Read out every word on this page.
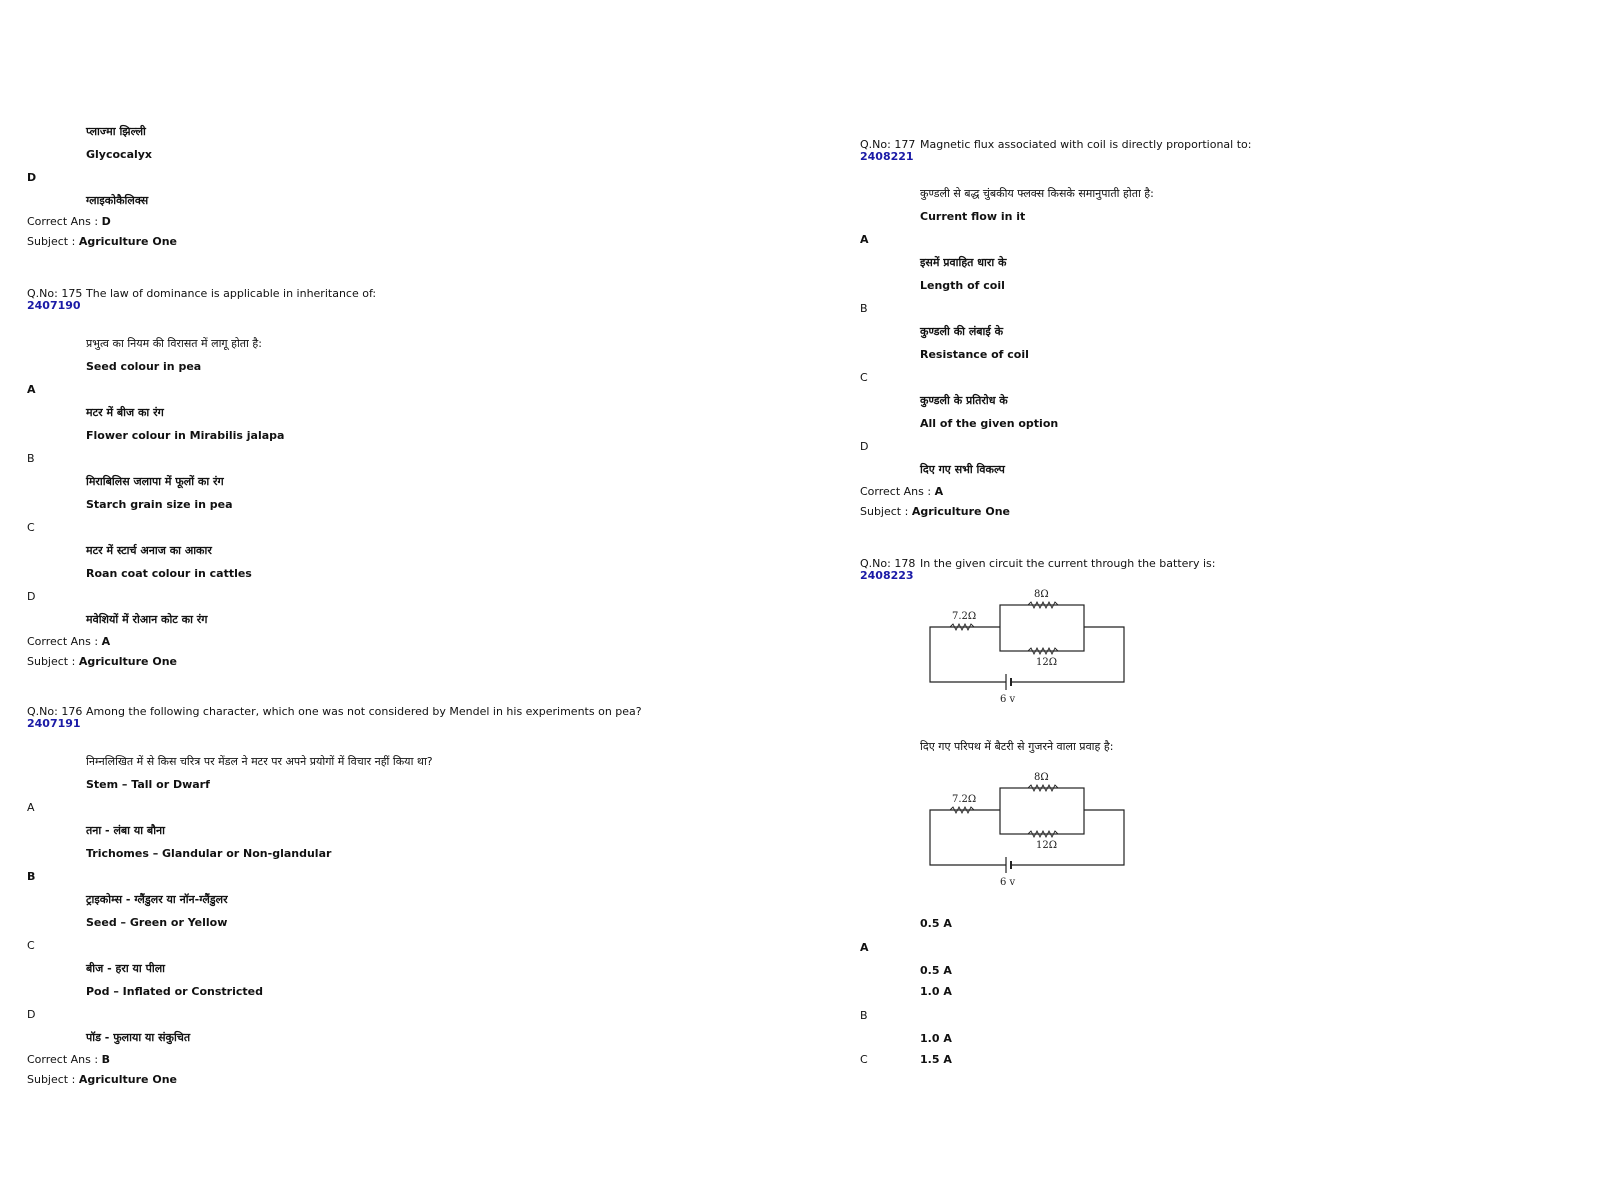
प्लाज्मा झिल्ली
Glycocalyx
D
ग्लाइकोकैलिक्स
Correct Ans : D
Subject : Agriculture One
Q.No: 175 The law of dominance is applicable in inheritance of:
2407190
प्रभुत्व का नियम की विरासत में लागू होता है:
Seed colour in pea
A
मटर में बीज का रंग
Flower colour in Mirabilis jalapa
B
मिराबिलिस जलापा में फूलों का रंग
Starch grain size in pea
C
मटर में स्टार्च अनाज का आकार
Roan coat colour in cattles
D
मवेशियों में रोआन कोट का रंग
Correct Ans : A
Subject : Agriculture One
Q.No: 176 Among the following character, which one was not considered by Mendel in his experiments on pea?
2407191
निम्नलिखित में से किस चरित्र पर मेंडल ने मटर पर अपने प्रयोगों में विचार नहीं किया था?
Stem – Tall or Dwarf
A
तना - लंबा या बौना
Trichomes – Glandular or Non-glandular
B
ट्राइकोम्स - ग्लैंडुलर या नॉन-ग्लैंडुलर
Seed – Green or Yellow
C
बीज - हरा या पीला
Pod – Inflated or Constricted
D
पॉड - फुलाया या संकुचित
Correct Ans : B
Subject : Agriculture One
Q.No: 177 Magnetic flux associated with coil is directly proportional to:
2408221
कुण्डली से बद्ध चुंबकीय फ्लक्स किसके समानुपाती होता है:
Current flow in it
A
इसमें प्रवाहित धारा के
Length of coil
B
कुण्डली की लंबाई के
Resistance of coil
C
कुण्डली के प्रतिरोध के
All of the given option
D
दिए गए सभी विकल्प
Correct Ans : A
Subject : Agriculture One
Q.No: 178 In the given circuit the current through the battery is:
2408223
8Ω
7.2Ω
12Ω
6 v
दिए गए परिपथ में बैटरी से गुजरने वाला प्रवाह है:
8Ω
7.2Ω
12Ω
6 v
0.5 A
A
0.5 A
1.0 A
B
1.0 A
C	1.5 A
